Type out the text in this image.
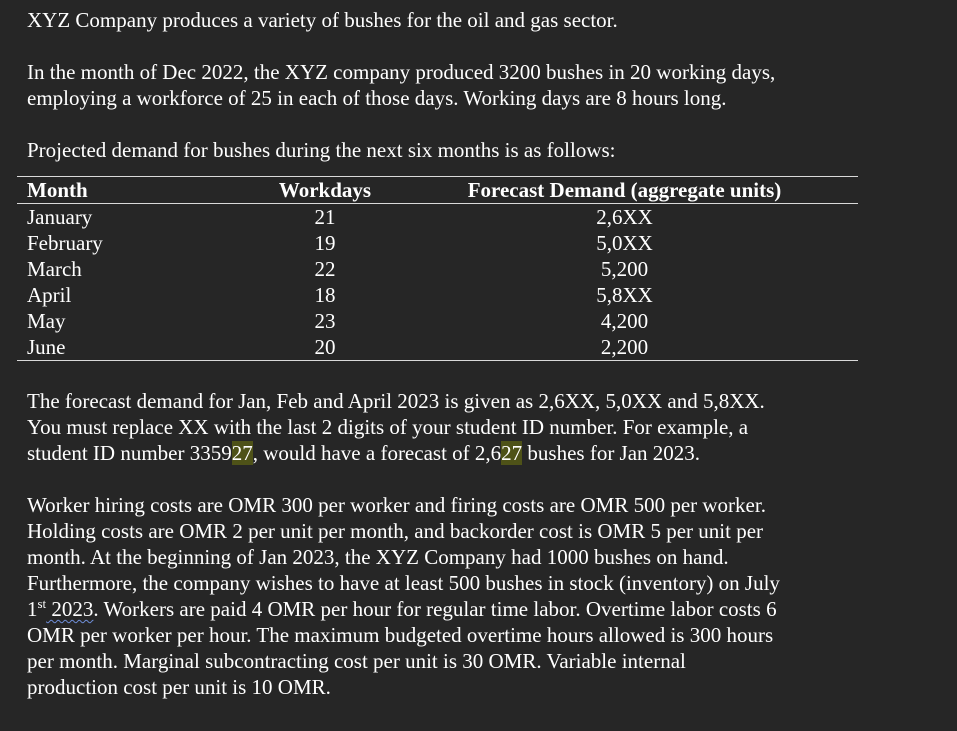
XYZ Company produces a variety of bushes for the oil and gas sector.

In the month of Dec 2022, the XYZ company produced 3200 bushes in 20 working days,
employing a workforce of 25 in each of those days. Working days are 8 hours long.

Projected demand for bushes during the next six months is as follows:

Month	Workdays	Forecast Demand (aggregate units)
January	21	2,6XX
February	19	5,0XX
March	22	5,200
April	18	5,8XX
May	23	4,200
June	20	2,200

The forecast demand for Jan, Feb and April 2023 is given as 2,6XX, 5,0XX and 5,8XX.
You must replace XX with the last 2 digits of your student ID number. For example, a
student ID number 335927, would have a forecast of 2,627 bushes for Jan 2023.

Worker hiring costs are OMR 300 per worker and firing costs are OMR 500 per worker.
Holding costs are OMR 2 per unit per month, and backorder cost is OMR 5 per unit per
month. At the beginning of Jan 2023, the XYZ Company had 1000 bushes on hand.
Furthermore, the company wishes to have at least 500 bushes in stock (inventory) on July
1st 2023. Workers are paid 4 OMR per hour for regular time labor. Overtime labor costs 6
OMR per worker per hour. The maximum budgeted overtime hours allowed is 300 hours
per month. Marginal subcontracting cost per unit is 30 OMR. Variable internal
production cost per unit is 10 OMR.
